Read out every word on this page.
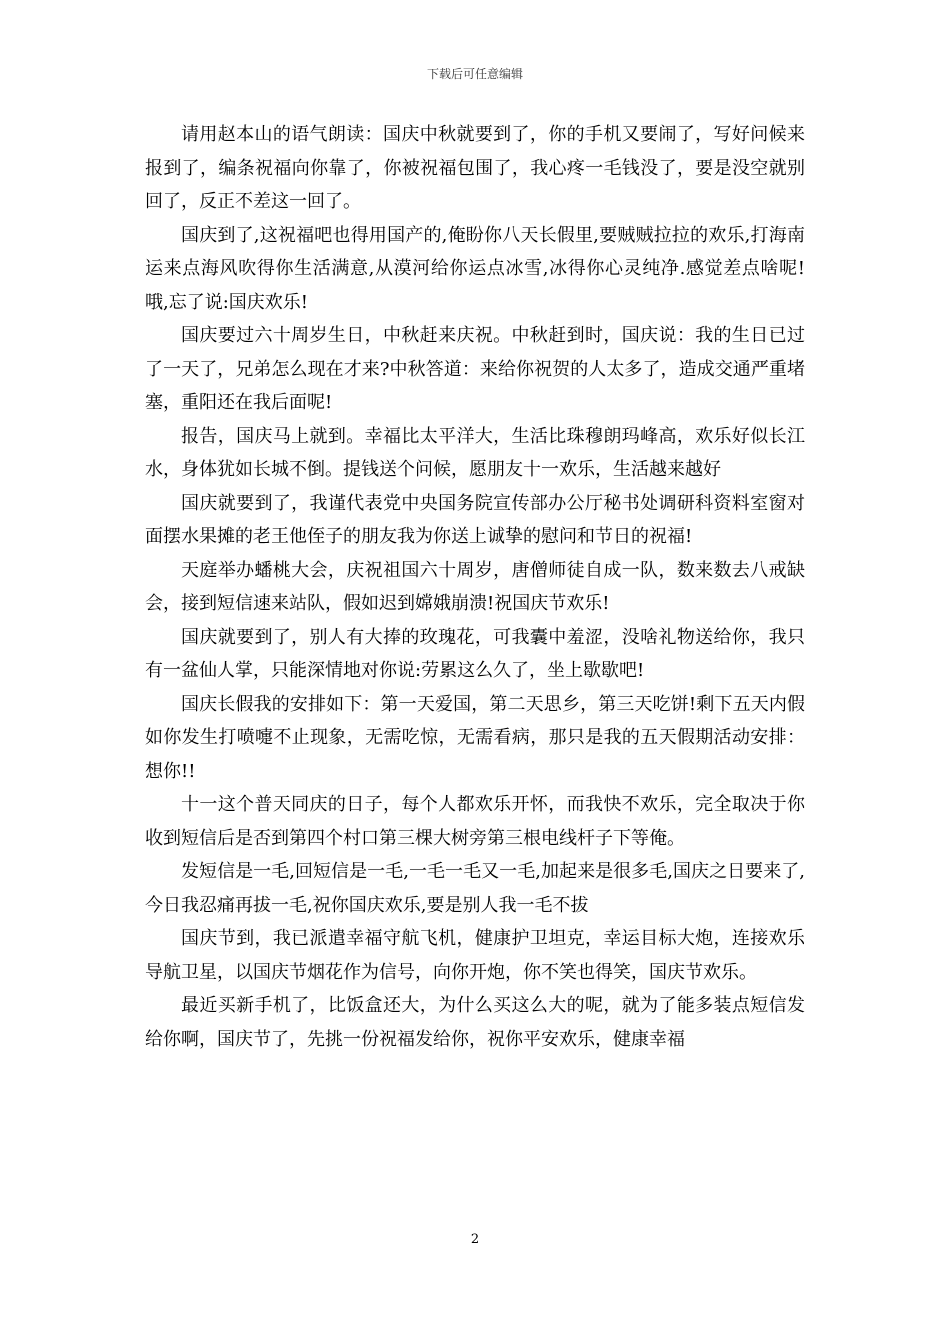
下载后可任意编辑

请用赵本山的语气朗读：国庆中秋就要到了，你的手机又要闹了，写好问候来报到了，编条祝福向你靠了，你被祝福包围了，我心疼一毛钱没了，要是没空就别回了，反正不差这一回了。

国庆到了,这祝福吧也得用国产的,俺盼你八天长假里,要贼贼拉拉的欢乐,打海南运来点海风吹得你生活满意,从漠河给你运点冰雪,冰得你心灵纯净.感觉差点啥呢!哦,忘了说:国庆欢乐!

国庆要过六十周岁生日，中秋赶来庆祝。中秋赶到时，国庆说：我的生日已过了一天了，兄弟怎么现在才来?中秋答道：来给你祝贺的人太多了，造成交通严重堵塞，重阳还在我后面呢!

报告，国庆马上就到。幸福比太平洋大，生活比珠穆朗玛峰高，欢乐好似长江水，身体犹如长城不倒。提钱送个问候，愿朋友十一欢乐，生活越来越好

国庆就要到了，我谨代表党中央国务院宣传部办公厅秘书处调研科资料室窗对面摆水果摊的老王他侄子的朋友我为你送上诚挚的慰问和节日的祝福!

天庭举办蟠桃大会，庆祝祖国六十周岁，唐僧师徒自成一队，数来数去八戒缺会，接到短信速来站队，假如迟到嫦娥崩溃!祝国庆节欢乐!

国庆就要到了，别人有大捧的玫瑰花，可我囊中羞涩，没啥礼物送给你，我只有一盆仙人掌，只能深情地对你说:劳累这么久了，坐上歇歇吧!

国庆长假我的安排如下：第一天爱国，第二天思乡，第三天吃饼!剩下五天内假如你发生打喷嚏不止现象，无需吃惊，无需看病，那只是我的五天假期活动安排：想你!!

十一这个普天同庆的日子，每个人都欢乐开怀，而我快不欢乐，完全取决于你收到短信后是否到第四个村口第三棵大树旁第三根电线杆子下等俺。

发短信是一毛,回短信是一毛,一毛一毛又一毛,加起来是很多毛,国庆之日要来了,今日我忍痛再拔一毛,祝你国庆欢乐,要是别人我一毛不拔

国庆节到，我已派遣幸福守航飞机，健康护卫坦克，幸运目标大炮，连接欢乐导航卫星，以国庆节烟花作为信号，向你开炮，你不笑也得笑，国庆节欢乐。

最近买新手机了，比饭盒还大，为什么买这么大的呢，就为了能多装点短信发给你啊，国庆节了，先挑一份祝福发给你，祝你平安欢乐，健康幸福

2
